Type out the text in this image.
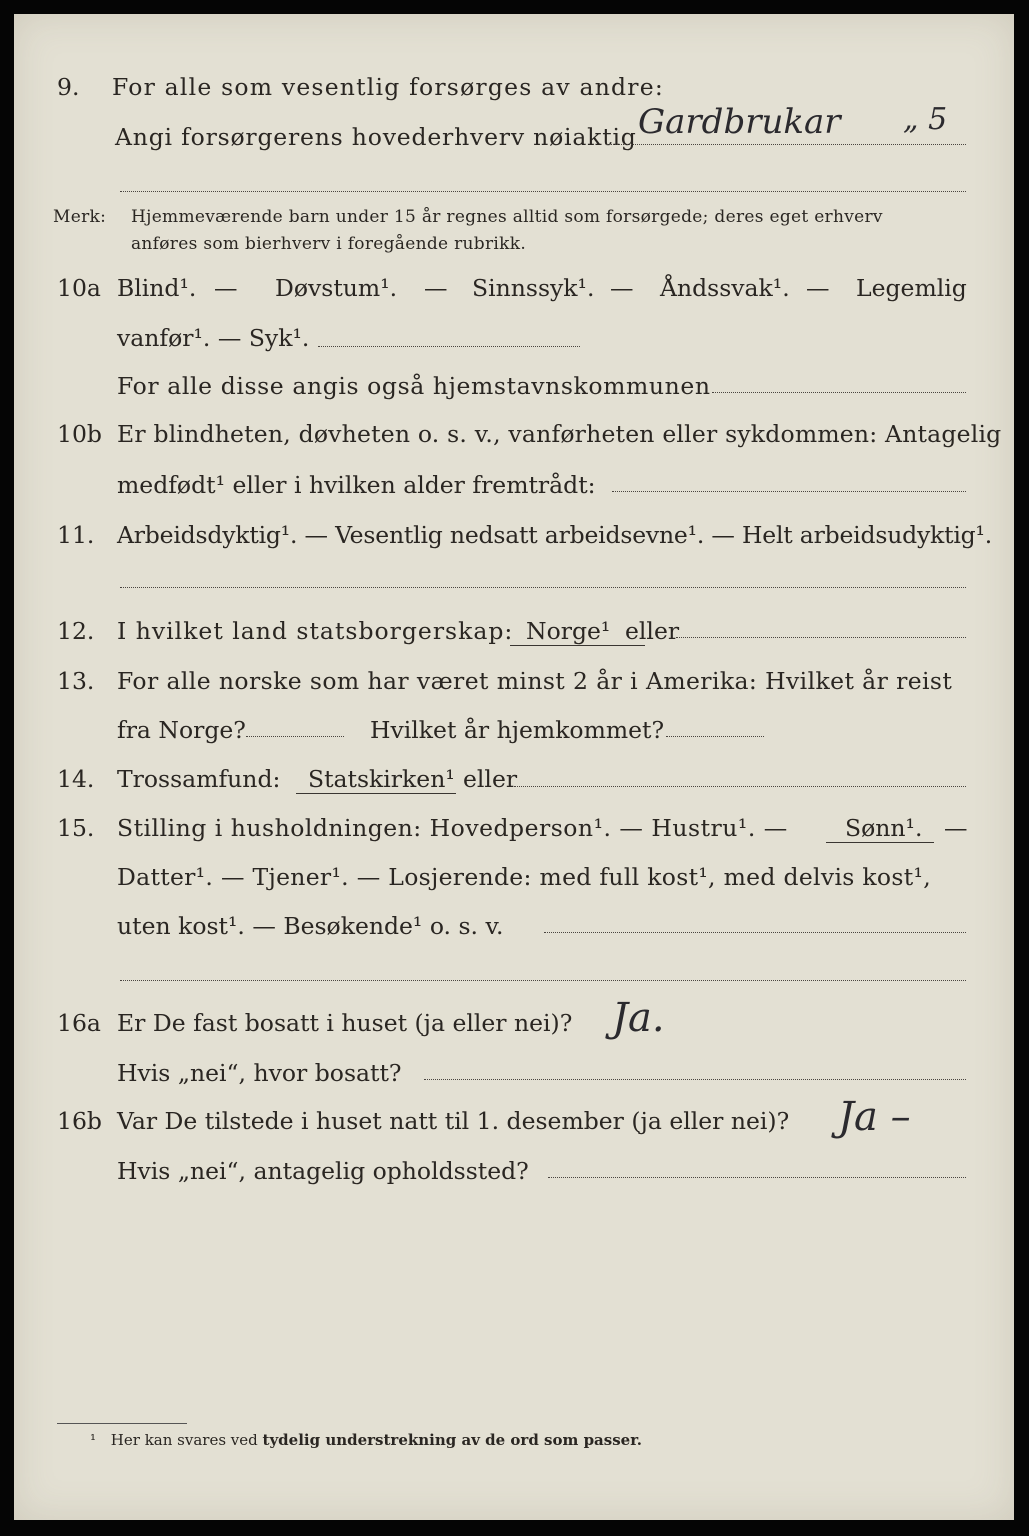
9. For alle som vesentlig forsørges av andre:
Angi forsørgerens hovederhverv nøiaktig Gardbrukar „ 5
Merk: Hjemmeværende barn under 15 år regnes alltid som forsørgede; deres eget erhverv
anføres som bierhverv i foregående rubrikk.
10a Blind¹. — Døvstum¹. — Sinnssyk¹. — Åndssvak¹. — Legemlig
vanfør¹. — Syk¹.
For alle disse angis også hjemstavnskommunen
10b Er blindheten, døvheten o. s. v., vanførheten eller sykdommen: Antagelig
medfødt¹ eller i hvilken alder fremtrådt:
11. Arbeidsdyktig¹. — Vesentlig nedsatt arbeidsevne¹. — Helt arbeidsudyktig¹.
12. I hvilket land statsborgerskap: Norge¹ eller
13. For alle norske som har været minst 2 år i Amerika: Hvilket år reist
fra Norge?	Hvilket år hjemkommet?
14. Trossamfund: Statskirken¹ eller
15. Stilling i husholdningen: Hovedperson¹. — Hustru¹. — Sønn¹. —
Datter¹. — Tjener¹. — Losjerende: med full kost¹, med delvis kost¹,
uten kost¹. — Besøkende¹ o. s. v.
16a Er De fast bosatt i huset (ja eller nei)? Ja.
Hvis „nei“, hvor bosatt?
16b Var De tilstede i huset natt til 1. desember (ja eller nei)? Ja –
Hvis „nei“, antagelig opholdssted?
¹ Her kan svares ved tydelig understrekning av de ord som passer.
